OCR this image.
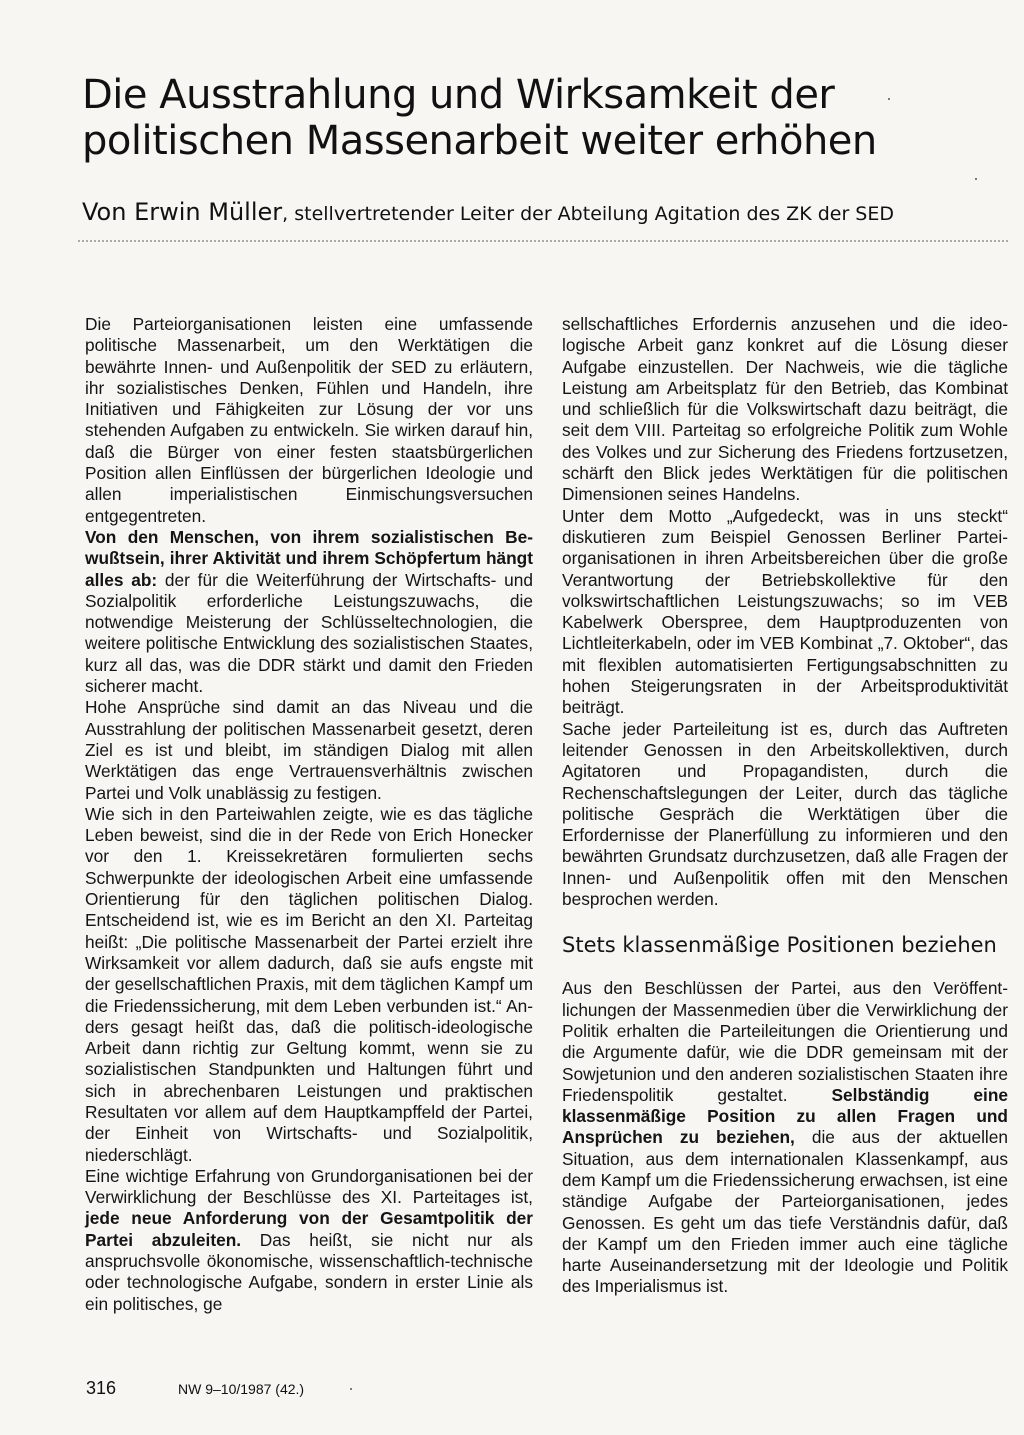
Die Ausstrahlung und Wirksamkeit der politischen Massenarbeit weiter erhöhen

Von Erwin Müller, stellvertretender Leiter der Abteilung Agitation des ZK der SED

Die Parteiorganisationen leisten eine umfassende politische Massenarbeit, um den Werktätigen die bewährte Innen- und Außenpolitik der SED zu erläutern, ihr sozialistisches Denken, Fühlen und Handeln, ihre Initiativen und Fähigkeiten zur Lösung der vor uns stehenden Aufgaben zu entwickeln. Sie wirken darauf hin, daß die Bürger von einer festen staatsbürgerlichen Position allen Einflüssen der bürgerlichen Ideologie und allen imperialistischen Einmischungsversuchen entgegentreten.

Von den Menschen, von ihrem sozialistischen Bewußtsein, ihrer Aktivität und ihrem Schöpfertum hängt alles ab: der für die Weiterführung der Wirtschafts- und Sozialpolitik erforderliche Leistungszuwachs, die notwendige Meisterung der Schlüsseltechnologien, die weitere politische Entwicklung des sozialistischen Staates, kurz all das, was die DDR stärkt und damit den Frieden sicherer macht.

Hohe Ansprüche sind damit an das Niveau und die Ausstrahlung der politischen Massenarbeit gesetzt, deren Ziel es ist und bleibt, im ständigen Dialog mit allen Werktätigen das enge Vertrauensverhältnis zwischen Partei und Volk unablässig zu festigen.

Wie sich in den Parteiwahlen zeigte, wie es das tägliche Leben beweist, sind die in der Rede von Erich Honecker vor den 1. Kreissekretären formulierten sechs Schwerpunkte der ideologischen Arbeit eine umfassende Orientierung für den täglichen politischen Dialog. Entscheidend ist, wie es im Bericht an den XI. Parteitag heißt: „Die politische Massenarbeit der Partei erzielt ihre Wirksamkeit vor allem dadurch, daß sie aufs engste mit der gesellschaftlichen Praxis, mit dem täglichen Kampf um die Friedenssicherung, mit dem Leben verbunden ist.“ Anders gesagt heißt das, daß die politisch-ideologische Arbeit dann richtig zur Geltung kommt, wenn sie zu sozialistischen Standpunkten und Haltungen führt und sich in abrechenbaren Leistungen und praktischen Resultaten vor allem auf dem Hauptkampffeld der Partei, der Einheit von Wirtschafts- und Sozialpolitik, niederschlägt.

Eine wichtige Erfahrung von Grundorganisationen bei der Verwirklichung der Beschlüsse des XI. Parteitages ist, jede neue Anforderung von der Gesamtpolitik der Partei abzuleiten. Das heißt, sie nicht nur als anspruchsvolle ökonomische, wissenschaftlich-technische oder technologische Aufgabe, sondern in erster Linie als ein politisches, ge

sellschaftliches Erfordernis anzusehen und die ideologische Arbeit ganz konkret auf die Lösung dieser Aufgabe einzustellen. Der Nachweis, wie die tägliche Leistung am Arbeitsplatz für den Betrieb, das Kombinat und schließlich für die Volkswirtschaft dazu beiträgt, die seit dem VIII. Parteitag so erfolgreiche Politik zum Wohle des Volkes und zur Sicherung des Friedens fortzusetzen, schärft den Blick jedes Werktätigen für die politischen Dimensionen seines Handelns.

Unter dem Motto „Aufgedeckt, was in uns steckt“ diskutieren zum Beispiel Genossen Berliner Parteiorganisationen in ihren Arbeitsbereichen über die große Verantwortung der Betriebskollektive für den volkswirtschaftlichen Leistungszuwachs; so im VEB Kabelwerk Oberspree, dem Hauptproduzenten von Lichtleiterkabeln, oder im VEB Kombinat „7. Oktober“, das mit flexiblen automatisierten Fertigungsabschnitten zu hohen Steigerungsraten in der Arbeitsproduktivität beiträgt.

Sache jeder Parteileitung ist es, durch das Auftreten leitender Genossen in den Arbeitskollektiven, durch Agitatoren und Propagandisten, durch die Rechenschaftslegungen der Leiter, durch das tägliche politische Gespräch die Werktätigen über die Erfordernisse der Planerfüllung zu informieren und den bewährten Grundsatz durchzusetzen, daß alle Fragen der Innen- und Außenpolitik offen mit den Menschen besprochen werden.

Stets klassenmäßige Positionen beziehen

Aus den Beschlüssen der Partei, aus den Veröffentlichungen der Massenmedien über die Verwirklichung der Politik erhalten die Parteileitungen die Orientierung und die Argumente dafür, wie die DDR gemeinsam mit der Sowjetunion und den anderen sozialistischen Staaten ihre Friedenspolitik gestaltet. Selbständig eine klassenmäßige Position zu allen Fragen und Ansprüchen zu beziehen, die aus der aktuellen Situation, aus dem internationalen Klassenkampf, aus dem Kampf um die Friedenssicherung erwachsen, ist eine ständige Aufgabe der Parteiorganisationen, jedes Genossen. Es geht um das tiefe Verständnis dafür, daß der Kampf um den Frieden immer auch eine tägliche harte Auseinandersetzung mit der Ideologie und Politik des Imperialismus ist.

316	NW 9–10/1987 (42.)
